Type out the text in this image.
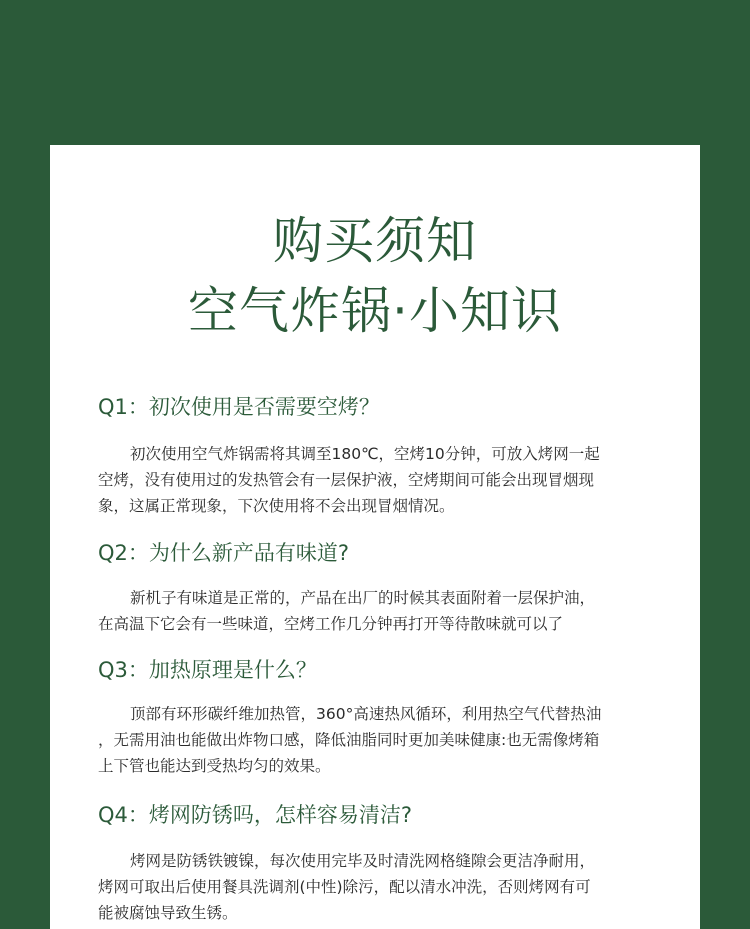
购买须知
空气炸锅·小知识
Q1：初次使用是否需要空烤？
初次使用空气炸锅需将其调至180℃，空烤10分钟，可放入烤网一起
空烤，没有使用过的发热管会有一层保护液，空烤期间可能会出现冒烟现
象，这属正常现象，下次使用将不会出现冒烟情况。
Q2：为什么新产品有味道?
新机子有味道是正常的，产品在出厂的时候其表面附着一层保护油，
在高温下它会有一些味道，空烤工作几分钟再打开等待散味就可以了
Q3：加热原理是什么？
顶部有环形碳纤维加热管，360°高速热风循环，利用热空气代替热油
，无需用油也能做出炸物口感，降低油脂同时更加美味健康:也无需像烤箱
上下管也能达到受热均匀的效果。
Q4：烤网防锈吗，怎样容易清洁?
烤网是防锈铁镀镍，每次使用完毕及时清洗网格缝隙会更洁净耐用，
烤网可取出后使用餐具洗调剂(中性)除污，配以清水冲洗，否则烤网有可
能被腐蚀导致生锈。
